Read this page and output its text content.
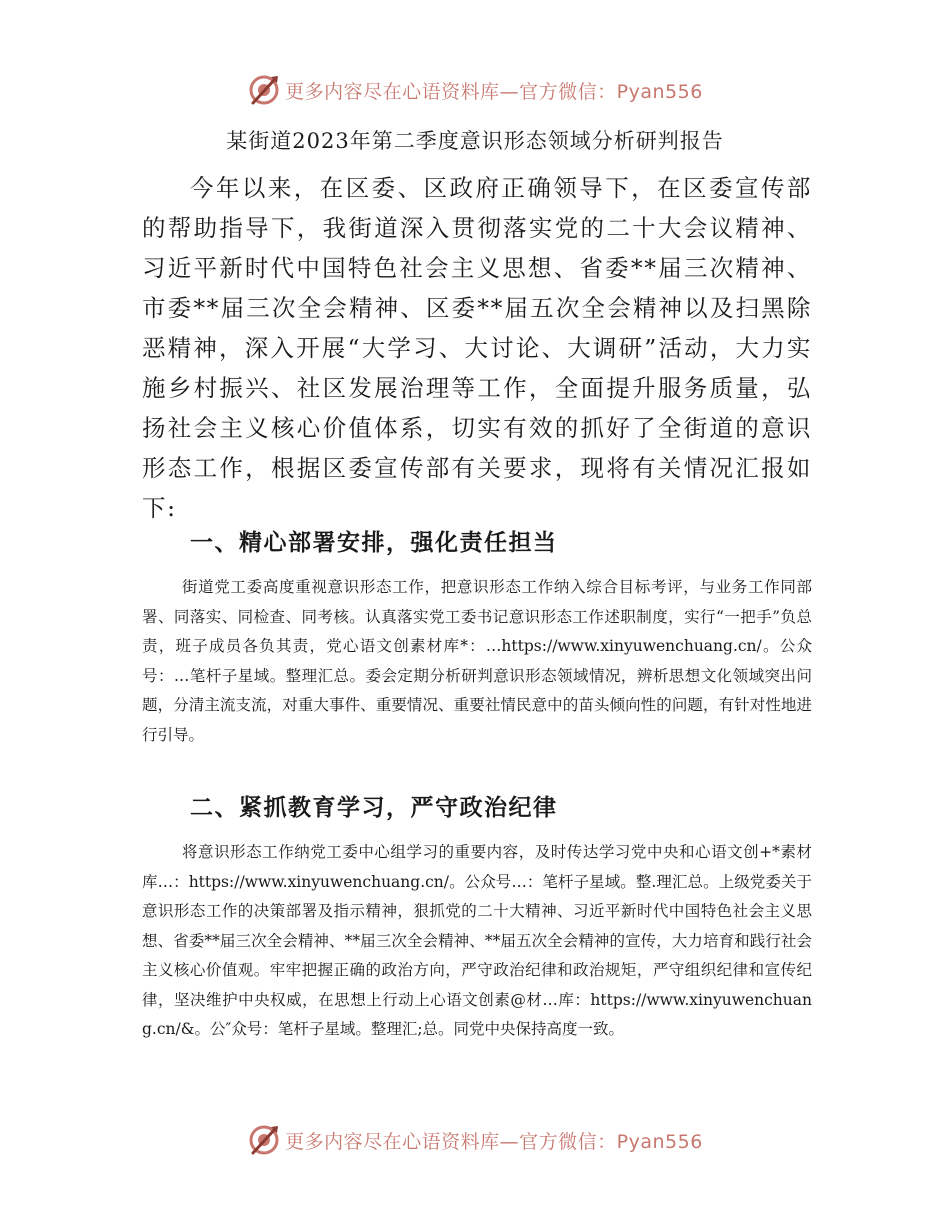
更多内容尽在心语资料库—官方微信：Pyan556
某街道2023年第二季度意识形态领域分析研判报告

今年以来，在区委、区政府正确领导下，在区委宣传部的帮助指导下，我街道深入贯彻落实党的二十大会议精神、习近平新时代中国特色社会主义思想、省委**届三次精神、市委**届三次全会精神、区委**届五次全会精神以及扫黑除恶精神，深入开展“大学习、大讨论、大调研”活动，大力实施乡村振兴、社区发展治理等工作，全面提升服务质量，弘扬社会主义核心价值体系，切实有效的抓好了全街道的意识形态工作，根据区委宣传部有关要求，现将有关情况汇报如下:

一、精心部署安排，强化责任担当

街道党工委高度重视意识形态工作，把意识形态工作纳入综合目标考评，与业务工作同部署、同落实、同检查、同考核。认真落实党工委书记意识形态工作述职制度，实行“一把手”负总责，班子成员各负其责，党心语文创素材库*：…https://www.xinyuwenchuang.cn/。公众号：…笔杆子星域。整理汇总。委会定期分析研判意识形态领域情况，辨析思想文化领域突出问题，分清主流支流，对重大事件、重要情况、重要社情民意中的苗头倾向性的问题，有针对性地进行引导。

二、紧抓教育学习，严守政治纪律

将意识形态工作纳党工委中心组学习的重要内容，及时传达学习党中央和心语文创+*素材库…：https://www.xinyuwenchuang.cn/。公众号…：笔杆子星域。整.理汇总。上级党委关于意识形态工作的决策部署及指示精神，狠抓党的二十大精神、习近平新时代中国特色社会主义思想、省委**届三次全会精神、**届三次全会精神、**届五次全会精神的宣传，大力培育和践行社会主义核心价值观。牢牢把握正确的政治方向，严守政治纪律和政治规矩，严守组织纪律和宣传纪律，坚决维护中央权威，在思想上行动上心语文创素@材…库：https://www.xinyuwenchuang.cn/&。公″众号：笔杆子星域。整理汇;总。同党中央保持高度一致。

更多内容尽在心语资料库—官方微信：Pyan556
